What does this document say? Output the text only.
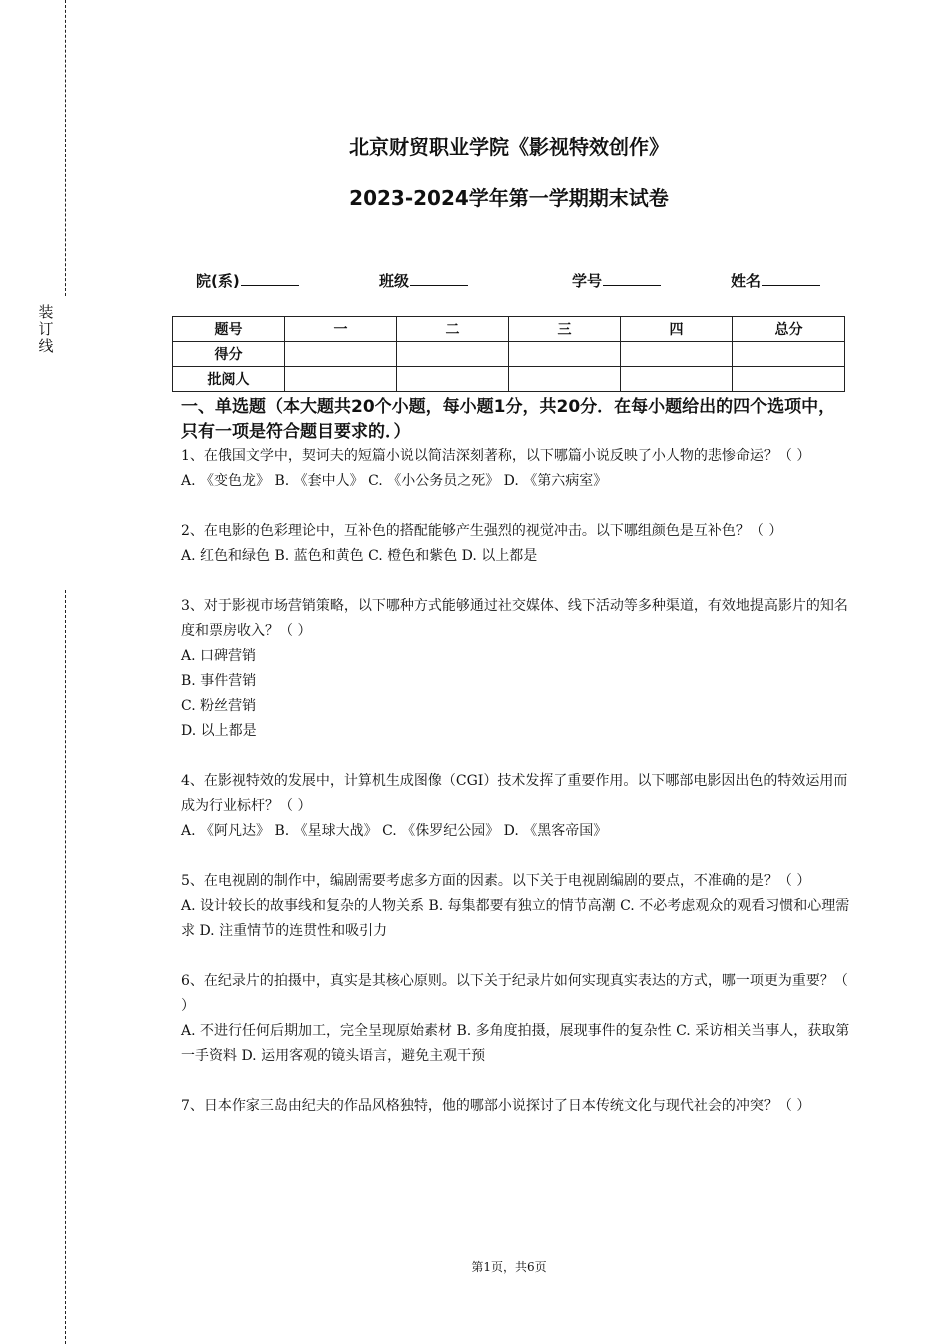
装订线
北京财贸职业学院《影视特效创作》
2023-2024学年第一学期期末试卷
院(系)	班级	学号	姓名
题号	一	二	三	四	总分
得分					
批阅人					
一、单选题（本大题共20个小题，每小题1分，共20分．在每小题给出的四个选项中，只有一项是符合题目要求的．）

1、在俄国文学中，契诃夫的短篇小说以简洁深刻著称，以下哪篇小说反映了小人物的悲惨命运？（ ）

A. 《变色龙》 B. 《套中人》 C. 《小公务员之死》 D. 《第六病室》

2、在电影的色彩理论中，互补色的搭配能够产生强烈的视觉冲击。以下哪组颜色是互补色？（ ）

A. 红色和绿色 B. 蓝色和黄色 C. 橙色和紫色 D. 以上都是

3、对于影视市场营销策略，以下哪种方式能够通过社交媒体、线下活动等多种渠道，有效地提高影片的知名度和票房收入？（ ）

A. 口碑营销

B. 事件营销

C. 粉丝营销

D. 以上都是

4、在影视特效的发展中，计算机生成图像（CGI）技术发挥了重要作用。以下哪部电影因出色的特效运用而成为行业标杆？（ ）

A. 《阿凡达》 B. 《星球大战》 C. 《侏罗纪公园》 D. 《黑客帝国》

5、在电视剧的制作中，编剧需要考虑多方面的因素。以下关于电视剧编剧的要点，不准确的是？（ ）

A. 设计较长的故事线和复杂的人物关系 B. 每集都要有独立的情节高潮 C. 不必考虑观众的观看习惯和心理需求 D. 注重情节的连贯性和吸引力

6、在纪录片的拍摄中，真实是其核心原则。以下关于纪录片如何实现真实表达的方式，哪一项更为重要？（ ）

A. 不进行任何后期加工，完全呈现原始素材 B. 多角度拍摄，展现事件的复杂性 C. 采访相关当事人，获取第一手资料 D. 运用客观的镜头语言，避免主观干预

7、日本作家三岛由纪夫的作品风格独特，他的哪部小说探讨了日本传统文化与现代社会的冲突？（ ）

第1页，共6页
